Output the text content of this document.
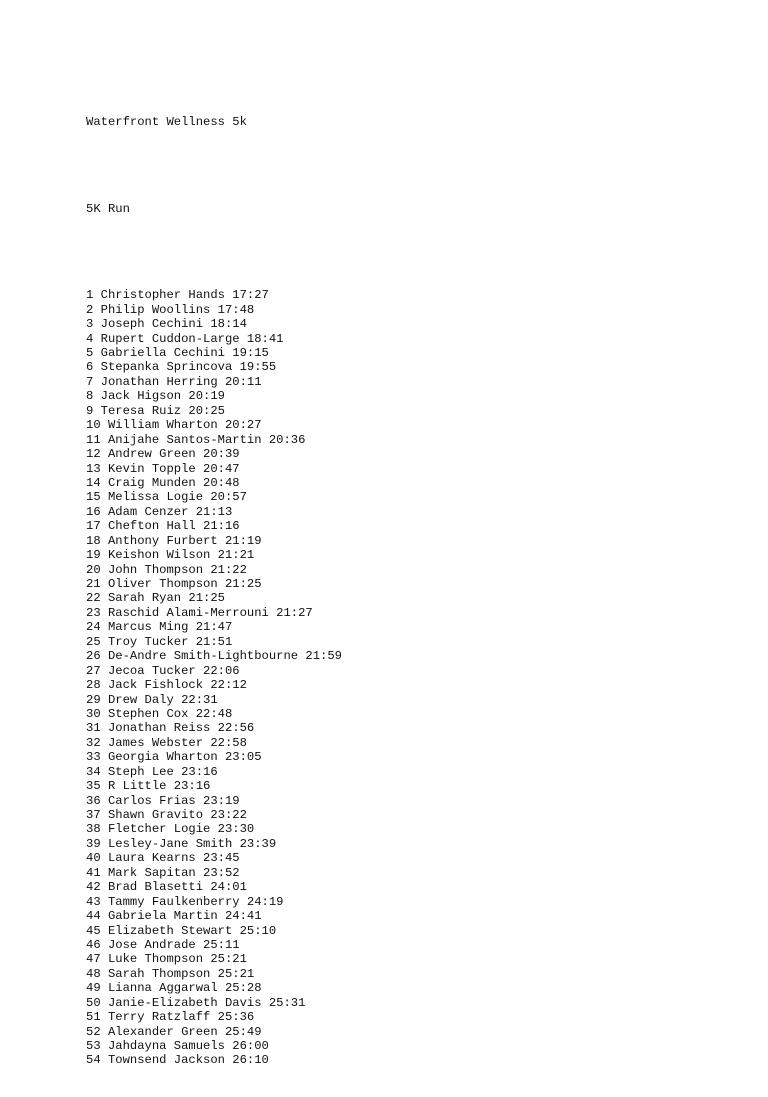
Waterfront Wellness 5k

5K Run

1 Christopher Hands 17:27
2 Philip Woollins 17:48
3 Joseph Cechini 18:14
4 Rupert Cuddon-Large 18:41
5 Gabriella Cechini 19:15
6 Stepanka Sprincova 19:55
7 Jonathan Herring 20:11
8 Jack Higson 20:19
9 Teresa Ruiz 20:25
10 William Wharton 20:27
11 Anijahe Santos-Martin 20:36
12 Andrew Green 20:39
13 Kevin Topple 20:47
14 Craig Munden 20:48
15 Melissa Logie 20:57
16 Adam Cenzer 21:13
17 Chefton Hall 21:16
18 Anthony Furbert 21:19
19 Keishon Wilson 21:21
20 John Thompson 21:22
21 Oliver Thompson 21:25
22 Sarah Ryan 21:25
23 Raschid Alami-Merrouni 21:27
24 Marcus Ming 21:47
25 Troy Tucker 21:51
26 De-Andre Smith-Lightbourne 21:59
27 Jecoa Tucker 22:06
28 Jack Fishlock 22:12
29 Drew Daly 22:31
30 Stephen Cox 22:48
31 Jonathan Reiss 22:56
32 James Webster 22:58
33 Georgia Wharton 23:05
34 Steph Lee 23:16
35 R Little 23:16
36 Carlos Frias 23:19
37 Shawn Gravito 23:22
38 Fletcher Logie 23:30
39 Lesley-Jane Smith 23:39
40 Laura Kearns 23:45
41 Mark Sapitan 23:52
42 Brad Blasetti 24:01
43 Tammy Faulkenberry 24:19
44 Gabriela Martin 24:41
45 Elizabeth Stewart 25:10
46 Jose Andrade 25:11
47 Luke Thompson 25:21
48 Sarah Thompson 25:21
49 Lianna Aggarwal 25:28
50 Janie-Elizabeth Davis 25:31
51 Terry Ratzlaff 25:36
52 Alexander Green 25:49
53 Jahdayna Samuels 26:00
54 Townsend Jackson 26:10
